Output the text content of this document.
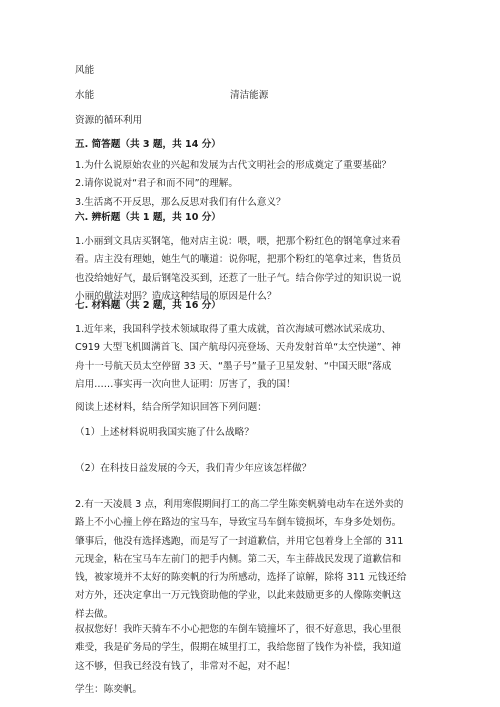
风能

水能	清洁能源

资源的循环利用

五. 简答题（共 3 题，共 14 分）

1.为什么说原始农业的兴起和发展为古代文明社会的形成奠定了重要基础？
2.请你说说对“君子和而不同”的理解。
3.生活离不开反思，那么反思对我们有什么意义？

六. 辨析题（共 1 题，共 10 分）

1.小丽到文具店买钢笔，他对店主说：喂，喂，把那个粉红色的钢笔拿过来看
看。店主没有理她，她生气的嚷道：说你呢，把那个粉红的笔拿过来，售货员
也没给她好气，最后钢笔没买到，还惹了一肚子气。结合你学过的知识说一说
小丽的做法对吗？造成这种结局的原因是什么？

七. 材料题（共 2 题，共 16 分）

1.近年来，我国科学技术领域取得了重大成就，首次海域可燃冰试采成功、
C919 大型飞机圆满首飞、国产航母闪亮登场、天舟发射首单“太空快递”、神
舟十一号航天员太空停留 33 天、“墨子号”量子卫星发射、“中国天眼”落成
启用……事实再一次向世人证明：厉害了，我的国！

阅读上述材料，结合所学知识回答下列问题：

（1）上述材料说明我国实施了什么战略？

（2）在科技日益发展的今天，我们青少年应该怎样做？

2.有一天凌晨 3 点，利用寒假期间打工的高二学生陈奕帆骑电动车在送外卖的
路上不小心撞上停在路边的宝马车，导致宝马车倒车镜损坏，车身多处划伤。
肇事后，他没有选择逃跑，而是写了一封道歉信，并用它包着身上全部的 311
元现金，粘在宝马车左前门的把手内侧。第二天，车主薛战民发现了道歉信和
钱，被家境并不太好的陈奕帆的行为所感动，选择了谅解，除将 311 元钱还给
对方外，还决定拿出一万元钱资助他的学业，以此来鼓励更多的人像陈奕帆这
样去做。
叔叔您好！我昨天骑车不小心把您的车倒车镜撞坏了，很不好意思，我心里很
难受，我是矿务局的学生，假期在城里打工，我给您留了钱作为补偿，我知道
这不够，但我已经没有钱了，非常对不起，对不起！

学生：陈奕帆。
